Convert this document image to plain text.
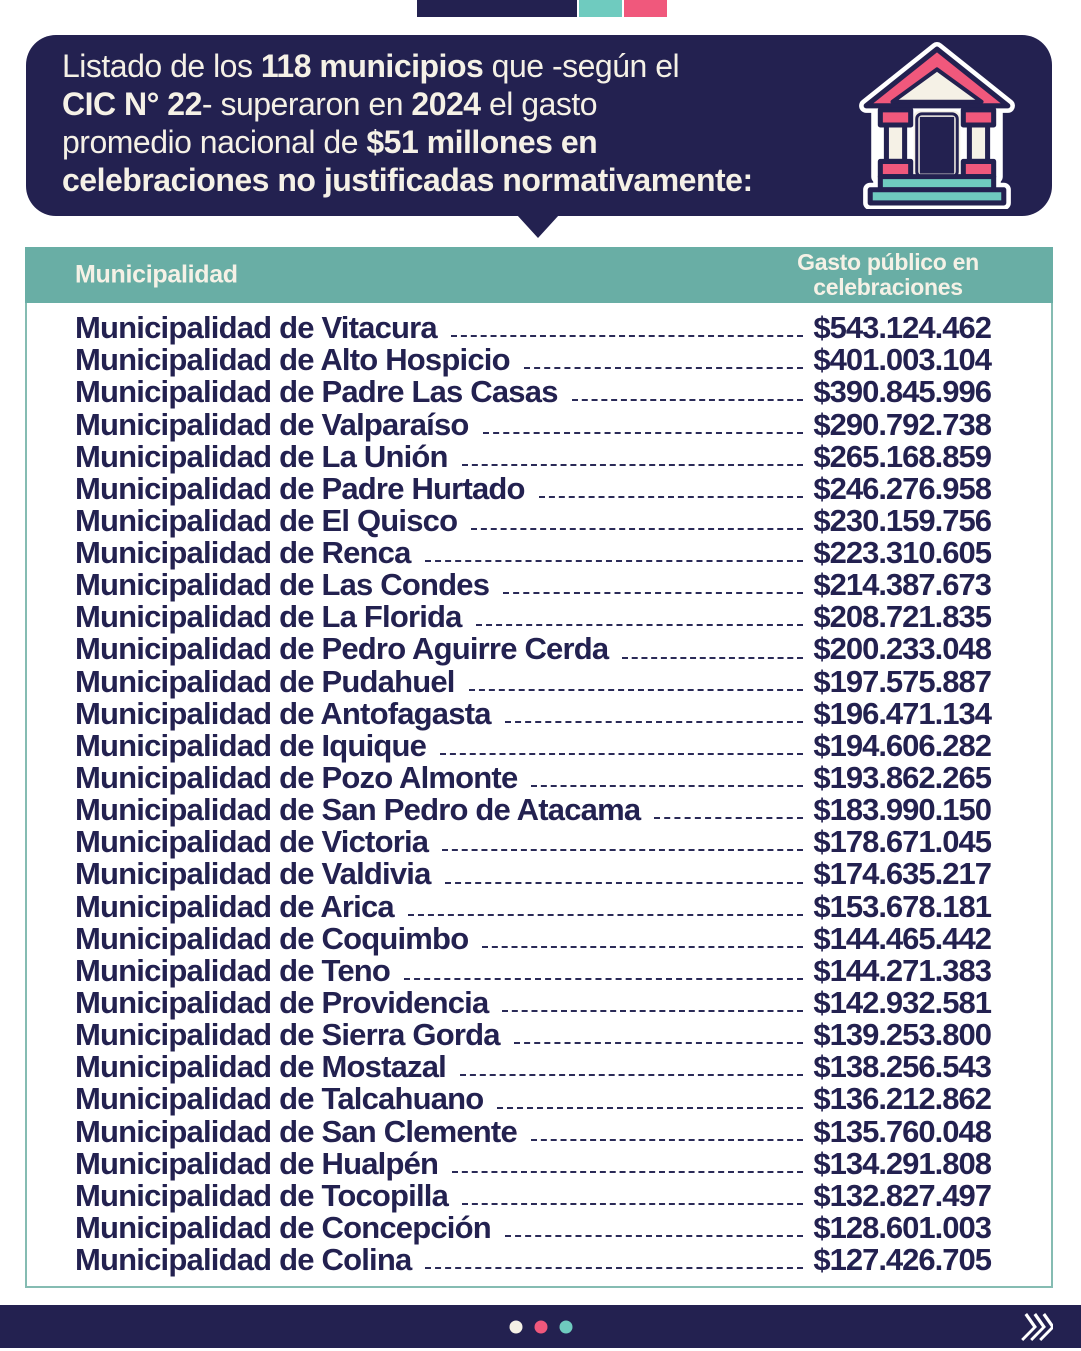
Listado de los 118 municipios que -según el
CIC N° 22- superaron en 2024 el gasto
promedio nacional de $51 millones en
celebraciones no justificadas normativamente:
Municipalidad	Gasto público en
celebraciones
Municipalidad de Vitacura	$543.124.462
Municipalidad de Alto Hospicio	$401.003.104
Municipalidad de Padre Las Casas	$390.845.996
Municipalidad de Valparaíso	$290.792.738
Municipalidad de La Unión	$265.168.859
Municipalidad de Padre Hurtado	$246.276.958
Municipalidad de El Quisco	$230.159.756
Municipalidad de Renca	$223.310.605
Municipalidad de Las Condes	$214.387.673
Municipalidad de La Florida	$208.721.835
Municipalidad de Pedro Aguirre Cerda	$200.233.048
Municipalidad de Pudahuel	$197.575.887
Municipalidad de Antofagasta	$196.471.134
Municipalidad de Iquique	$194.606.282
Municipalidad de Pozo Almonte	$193.862.265
Municipalidad de San Pedro de Atacama	$183.990.150
Municipalidad de Victoria	$178.671.045
Municipalidad de Valdivia	$174.635.217
Municipalidad de Arica	$153.678.181
Municipalidad de Coquimbo	$144.465.442
Municipalidad de Teno	$144.271.383
Municipalidad de Providencia	$142.932.581
Municipalidad de Sierra Gorda	$139.253.800
Municipalidad de Mostazal	$138.256.543
Municipalidad de Talcahuano	$136.212.862
Municipalidad de San Clemente	$135.760.048
Municipalidad de Hualpén	$134.291.808
Municipalidad de Tocopilla	$132.827.497
Municipalidad de Concepción	$128.601.003
Municipalidad de Colina	$127.426.705
